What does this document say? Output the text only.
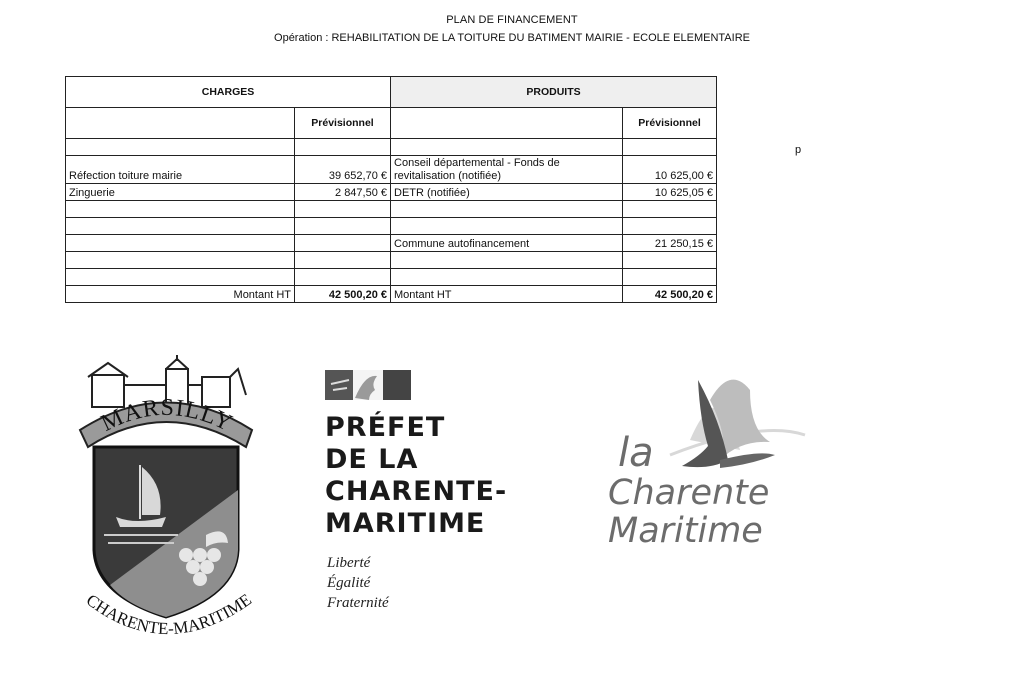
PLAN DE FINANCEMENT
Opération : REHABILITATION DE LA TOITURE DU BATIMENT MAIRIE - ECOLE ELEMENTAIRE
p
CHARGES		PRODUITS	
	Prévisionnel		Prévisionnel

Réfection toiture mairie	39 652,70 €	Conseil départemental - Fonds de revitalisation (notifiée)	10 625,00 €
Zinguerie	2 847,50 €	DETR (notifiée)	10 625,05 €

		Commune autofinancement	21 250,15 €

Montant HT	42 500,20 €	Montant HT	42 500,20 €
MARSILLY
CHARENTE-MARITIME
PRÉFET
DE LA
CHARENTE-
MARITIME
Liberté
Égalité
Fraternité
la
Charente
Maritime
